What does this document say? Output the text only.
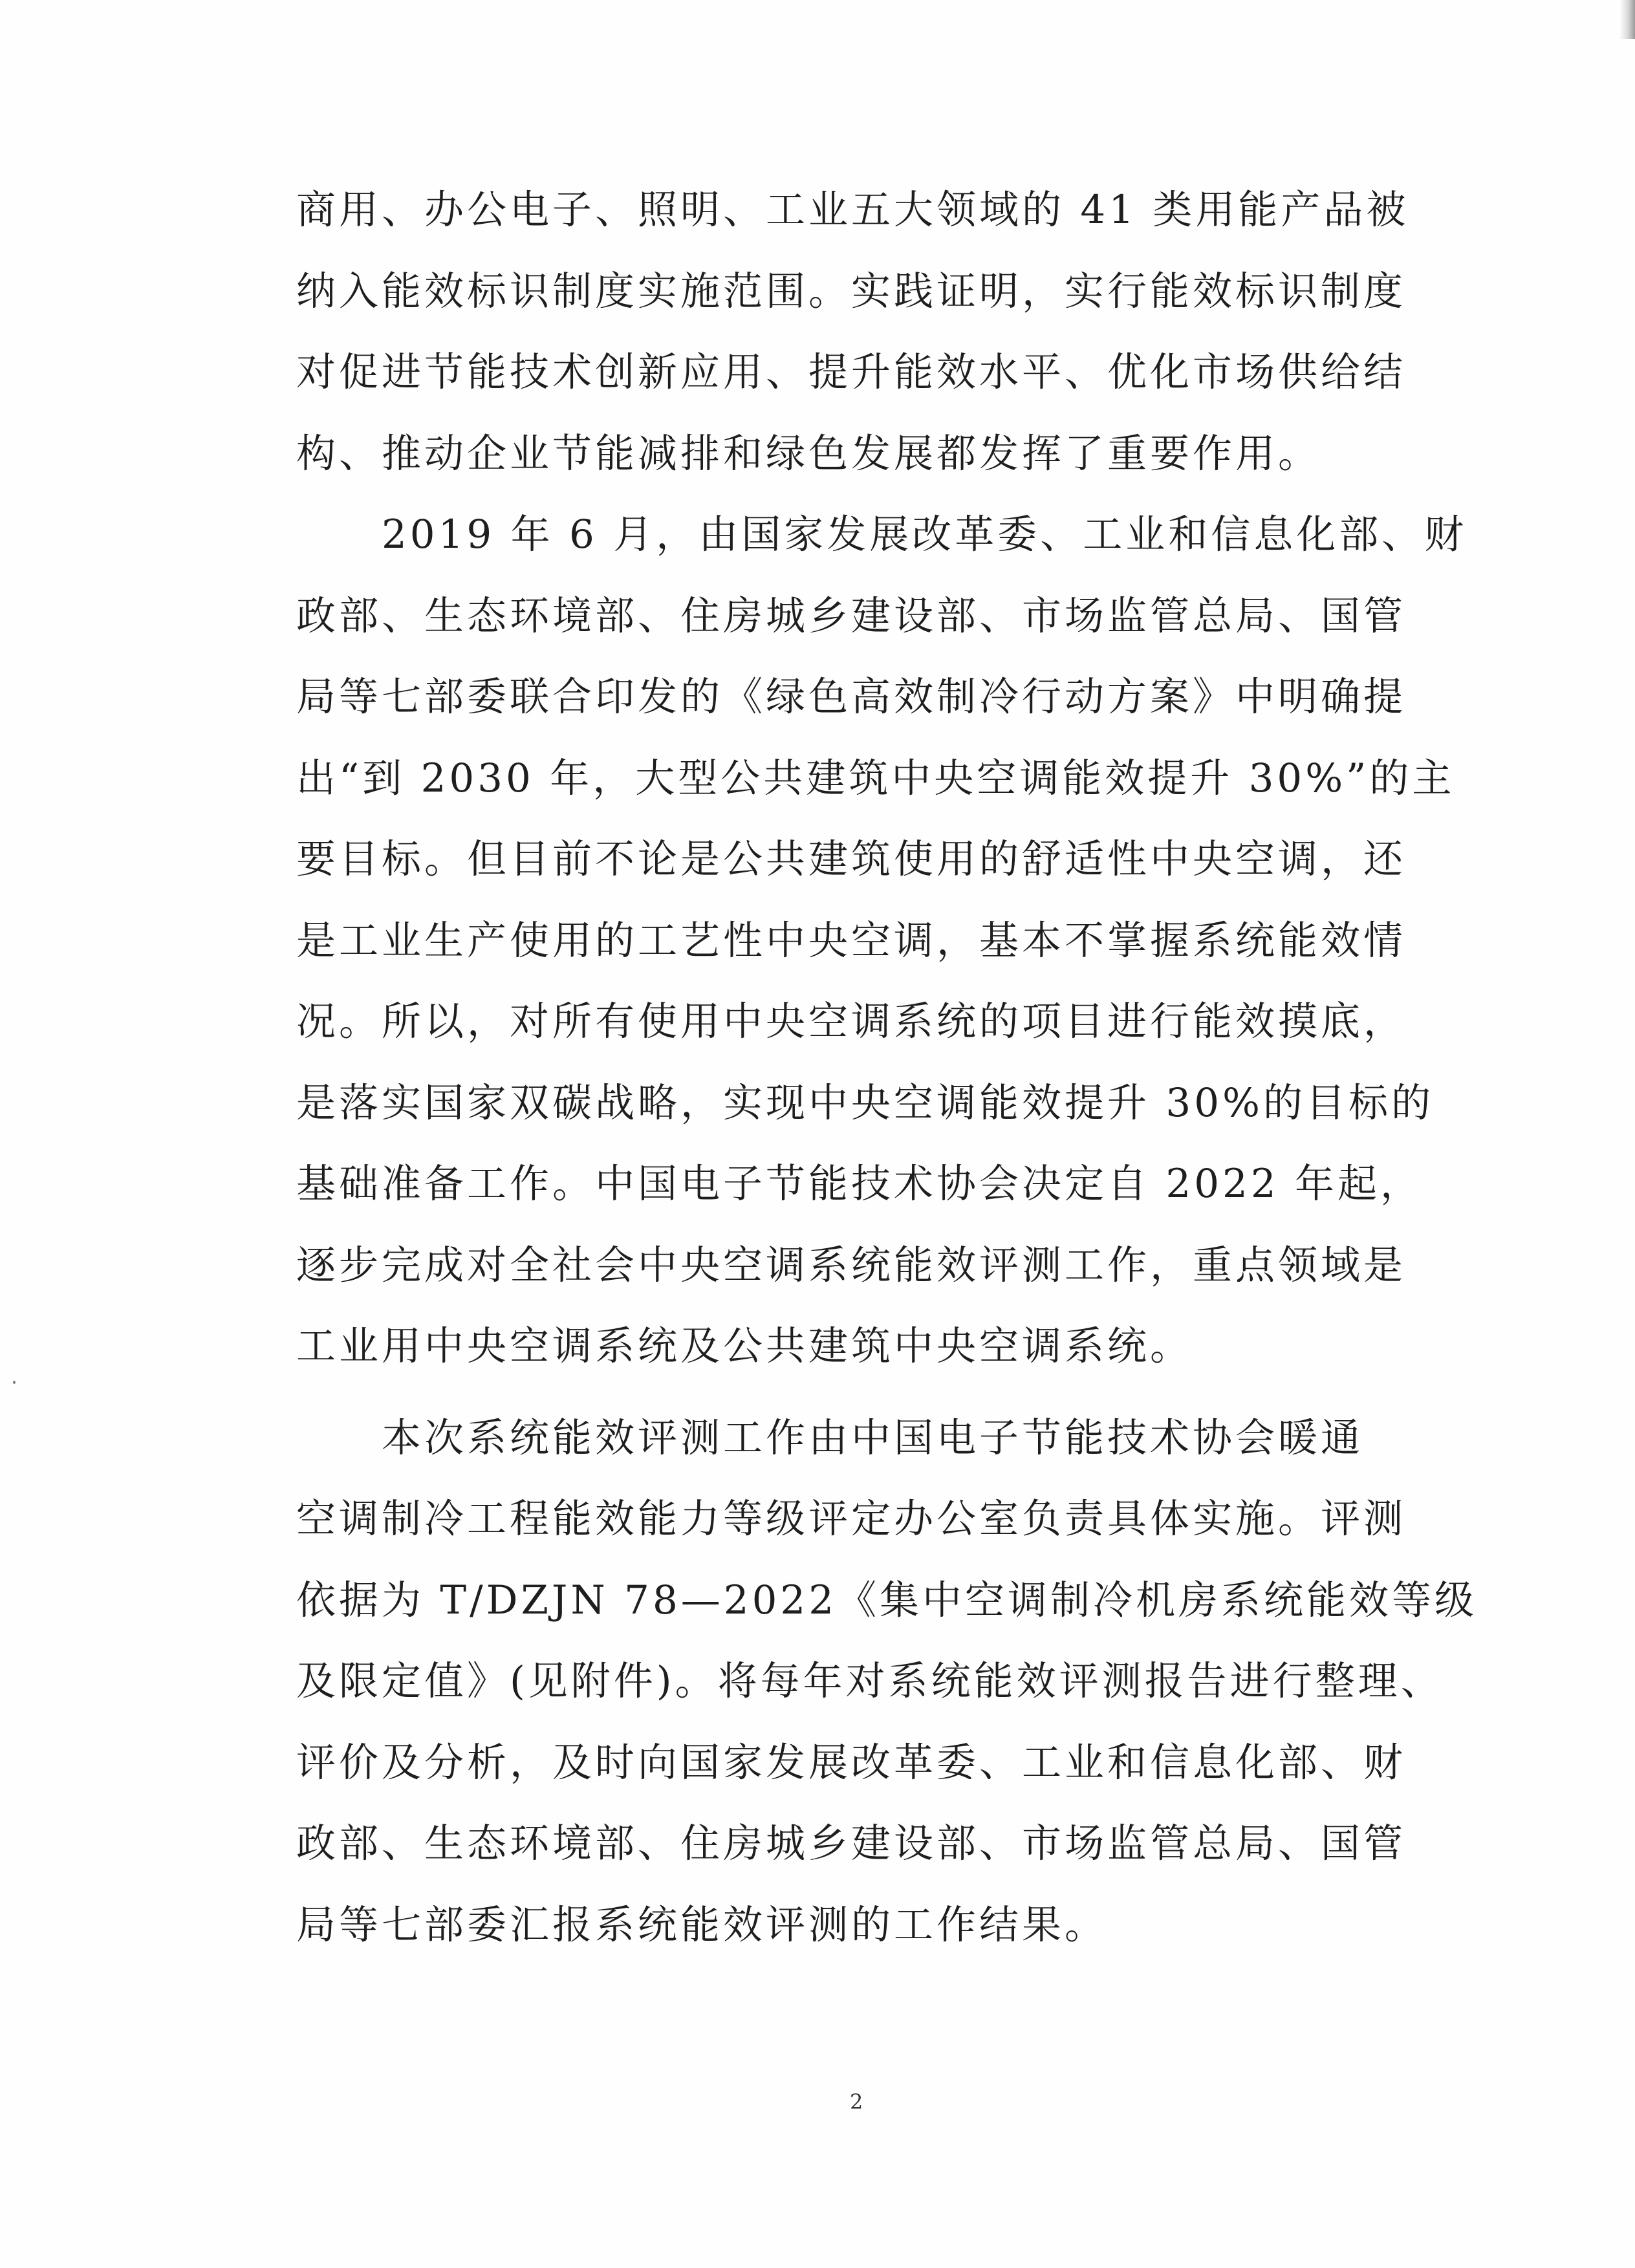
商用、办公电子、照明、工业五大领域的 41 类用能产品被
纳入能效标识制度实施范围。实践证明，实行能效标识制度
对促进节能技术创新应用、提升能效水平、优化市场供给结
构、推动企业节能减排和绿色发展都发挥了重要作用。
　　2019 年 6 月，由国家发展改革委、工业和信息化部、财
政部、生态环境部、住房城乡建设部、市场监管总局、国管
局等七部委联合印发的《绿色高效制冷行动方案》中明确提
出“到 2030 年，大型公共建筑中央空调能效提升 30%”的主
要目标。但目前不论是公共建筑使用的舒适性中央空调，还
是工业生产使用的工艺性中央空调，基本不掌握系统能效情
况。所以，对所有使用中央空调系统的项目进行能效摸底，
是落实国家双碳战略，实现中央空调能效提升 30%的目标的
基础准备工作。中国电子节能技术协会决定自 2022 年起，
逐步完成对全社会中央空调系统能效评测工作，重点领域是
工业用中央空调系统及公共建筑中央空调系统。
　　本次系统能效评测工作由中国电子节能技术协会暖通
空调制冷工程能效能力等级评定办公室负责具体实施。评测
依据为 T/DZJN 78—2022《集中空调制冷机房系统能效等级
及限定值》(见附件)。将每年对系统能效评测报告进行整理、
评价及分析，及时向国家发展改革委、工业和信息化部、财
政部、生态环境部、住房城乡建设部、市场监管总局、国管
局等七部委汇报系统能效评测的工作结果。
2
